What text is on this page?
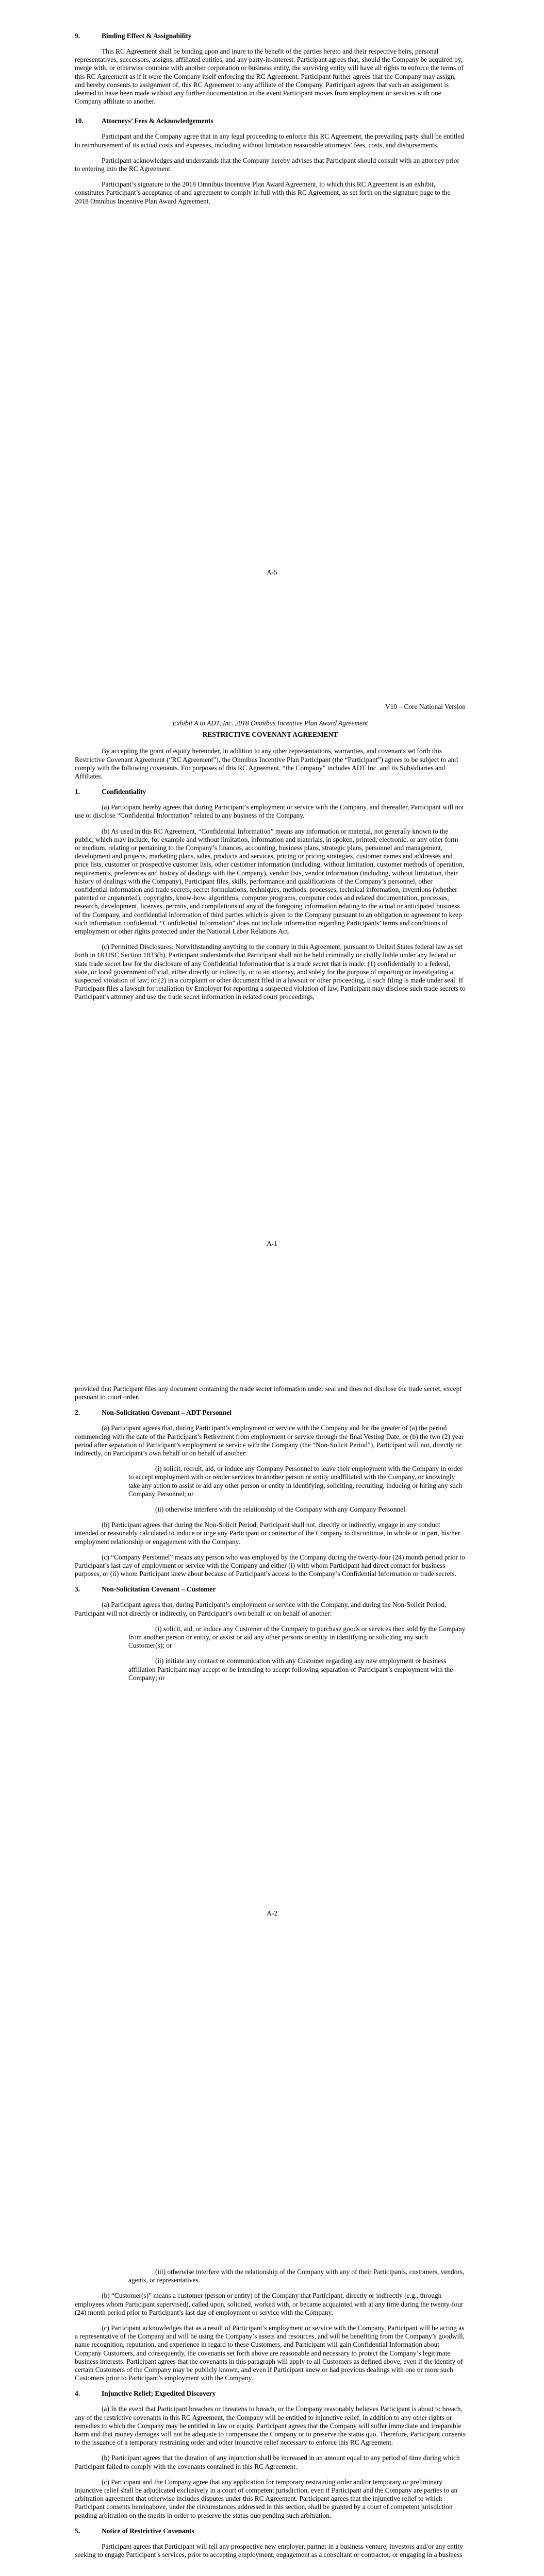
9.	Binding Effect & Assignability

This RC Agreement shall be binding upon and inure to the benefit of the parties hereto and their respective heirs, personal representatives, successors, assigns, affiliated entities, and any party-in-interest. Participant agrees that, should the Company be acquired by, merge with, or otherwise combine with another corporation or business entity, the surviving entity will have all rights to enforce the terms of this RC Agreement as if it were the Company itself enforcing the RC Agreement. Participant further agrees that the Company may assign, and hereby consents to assignment of, this RC Agreement to any affiliate of the Company. Participant agrees that such an assignment is deemed to have been made without any further documentation in the event Participant moves from employment or services with one Company affiliate to another.

10.	Attorneys’ Fees & Acknowledgements

Participant and the Company agree that in any legal proceeding to enforce this RC Agreement, the prevailing party shall be entitled to reimbursement of its actual costs and expenses, including without limitation reasonable attorneys’ fees, costs, and disbursements.

Participant acknowledges and understands that the Company hereby advises that Participant should consult with an attorney prior to entering into the RC Agreement.

Participant’s signature to the 2018 Omnibus Incentive Plan Award Agreement, to which this RC Agreement is an exhibit, constitutes Participant’s acceptance of and agreement to comply in full with this RC Agreement, as set forth on the signature page to the 2018 Omnibus Incentive Plan Award Agreement.

A-5
V10 – Core National Version
Exhibit A to ADT, Inc. 2018 Omnibus Incentive Plan Award Agreement
RESTRICTIVE COVENANT AGREEMENT

By accepting the grant of equity hereunder, in addition to any other representations, warranties, and covenants set forth this Restrictive Covenant Agreement (“RC Agreement”), the Omnibus Incentive Plan Participant (the “Participant”) agrees to be subject to and comply with the following covenants. For purposes of this RC Agreement, “the Company” includes ADT Inc. and its Subsidiaries and Affiliates.

1.	Confidentiality

(a) Participant hereby agrees that during Participant’s employment or service with the Company, and thereafter, Participant will not use or disclose “Confidential Information” related to any business of the Company.

(b) As used in this RC Agreement, “Confidential Information” means any information or material, not generally known to the public, which may include, for example and without limitation, information and materials, in spoken, printed, electronic, or any other form or medium, relating or pertaining to the Company’s finances, accounting, business plans, strategic plans, personnel and management, development and projects, marketing plans, sales, products and services, pricing or pricing strategies, customer names and addresses and price lists, customer or prospective customer lists, other customer information (including, without limitation, customer methods of operation, requirements, preferences and history of dealings with the Company), vendor lists, vendor information (including, without limitation, their history of dealings with the Company), Participant files, skills, performance and qualifications of the Company’s personnel, other confidential information and trade secrets, secret formulations, techniques, methods, processes, technical information, inventions (whether patented or unpatented), copyrights, know-how, algorithms, computer programs, computer codes and related documentation, processes, research, development, licenses, permits, and compilations of any of the foregoing information relating to the actual or anticipated business of the Company, and confidential information of third parties which is given to the Company pursuant to an obligation or agreement to keep such information confidential. “Confidential Information” does not include information regarding Participants’ terms and conditions of employment or other rights protected under the National Labor Relations Act.

(c) Permitted Disclosures: Notwithstanding anything to the contrary in this Agreement, pursuant to United States federal law as set forth in 18 USC Section 1833(b), Participant understands that Participant shall not be held criminally or civilly liable under any federal or state trade secret law for the disclosure of any Confidential Information that is a trade secret that is made: (1) confidentially to a federal, state, or local government official, either directly or indirectly, or to an attorney, and solely for the purpose of reporting or investigating a suspected violation of law; or (2) in a complaint or other document filed in a lawsuit or other proceeding, if such filing is made under seal. If Participant files a lawsuit for retaliation by Employer for reporting a suspected violation of law, Participant may disclose such trade secrets to Participant’s attorney and use the trade secret information in related court proceedings,

A-1

provided that Participant files any document containing the trade secret information under seal and does not disclose the trade secret, except pursuant to court order.

2.	Non-Solicitation Covenant – ADT Personnel

(a) Participant agrees that, during Participant’s employment or service with the Company and for the greater of (a) the period commencing with the date of the Participant’s Retirement from employment or service through the final Vesting Date, or (b) the two (2) year period after separation of Participant’s employment or service with the Company (the “Non-Solicit Period”), Participant will not, directly or indirectly, on Participant’s own behalf or on behalf of another:

(i) solicit, recruit, aid, or induce any Company Personnel to leave their employment with the Company in order to accept employment with or render services to another person or entity unaffiliated with the Company, or knowingly take any action to assist or aid any other person or entity in identifying, soliciting, recruiting, inducing or hiring any such Company Personnel; or

(ii) otherwise interfere with the relationship of the Company with any Company Personnel.

(b) Participant agrees that during the Non-Solicit Period, Participant shall not, directly or indirectly, engage in any conduct intended or reasonably calculated to induce or urge any Participant or contractor of the Company to discontinue, in whole or in part, his/her employment relationship or engagement with the Company.

(c) “Company Personnel” means any person who was employed by the Company during the twenty-four (24) month period prior to Participant’s last day of employment or service with the Company and either (i) with whom Participant had direct contact for business purposes, or (ii) whom Participant knew about because of Participant’s access to the Company’s Confidential Information or trade secrets.

3.	Non-Solicitation Covenant – Customer

(a) Participant agrees that, during Participant’s employment or service with the Company, and during the Non-Solicit Period, Participant will not directly or indirectly, on Participant’s own behalf or on behalf of another:

(i) solicit, aid, or induce any Customer of the Company to purchase goods or services then sold by the Company from another person or entity, or assist or aid any other persons or entity in identifying or soliciting any such Customer(s); or

(ii) initiate any contact or communication with any Customer regarding any new employment or business affiliation Participant may accept or be intending to accept following separation of Participant’s employment with the Company; or

A-2

(iii) otherwise interfere with the relationship of the Company with any of their Participants, customers, vendors, agents, or representatives.

(b) “Customer(s)” means a customer (person or entity) of the Company that Participant, directly or indirectly (e.g., through employees whom Participant supervised), called upon, solicited, worked with, or became acquainted with at any time during the twenty-four (24) month period prior to Participant’s last day of employment or service with the Company.

(c) Participant acknowledges that as a result of Participant’s employment or service with the Company, Participant will be acting as a representative of the Company and will be using the Company’s assets and resources, and will be benefiting from the Company’s goodwill, name recognition, reputation, and experience in regard to these Customers, and Participant will gain Confidential Information about Company Customers, and consequently, the covenants set forth above are reasonable and necessary to protect the Company’s legitimate business interests. Participant agrees that the covenants in this paragraph will apply to all Customers as defined above, even if the identity of certain Customers of the Company may be publicly known, and even if Participant knew or had previous dealings with one or more such Customers prior to Participant’s employment with the Company.

4.	Injunctive Relief; Expedited Discovery

(a) In the event that Participant breaches or threatens to breach, or the Company reasonably believes Participant is about to breach, any of the restrictive covenants in this RC Agreement, the Company will be entitled to injunctive relief, in addition to any other rights or remedies to which the Company may be entitled in law or equity. Participant agrees that the Company will suffer immediate and irreparable harm and that money damages will not be adequate to compensate the Company or to preserve the status quo. Therefore, Participant consents to the issuance of a temporary restraining order and other injunctive relief necessary to enforce this RC Agreement.

(b) Participant agrees that the duration of any injunction shall be increased in an amount equal to any period of time during which Participant failed to comply with the covenants contained in this RC Agreement.

(c) Participant and the Company agree that any application for temporary restraining order and/or temporary or preliminary injunctive relief shall be adjudicated exclusively in a court of competent jurisdiction, even if Participant and the Company are parties to an arbitration agreement that otherwise includes disputes under this RC Agreement. Participant agrees that the injunctive relief to which Participant consents hereinabove, under the circumstances addressed in this section, shall be granted by a court of competent jurisdiction pending arbitration on the merits in order to preserve the status quo pending such arbitration.

5.	Notice of Restrictive Covenants

Participant agrees that Participant will tell any prospective new employer, partner in a business venture, investors and/or any entity seeking to engage Participant’s services, prior to accepting employment, engagement as a consultant or contractor, or engaging in a business
